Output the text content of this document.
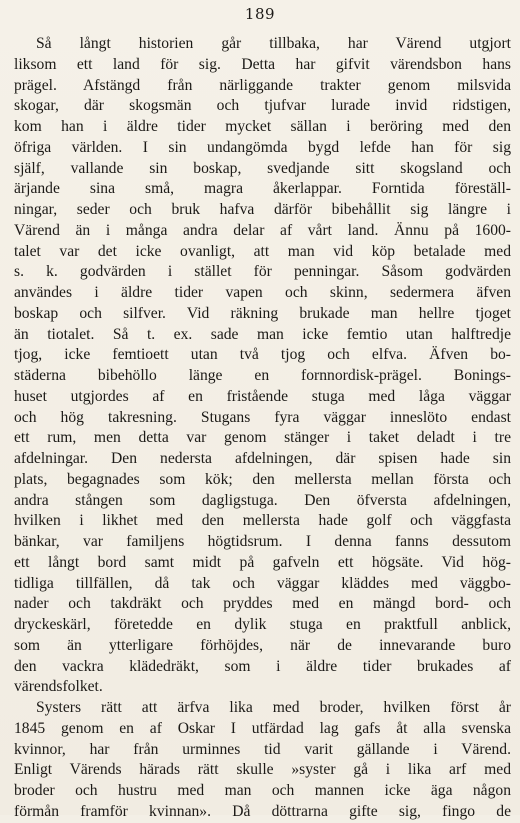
189
Så långt historien går tillbaka, har Värend utgjort
liksom ett land för sig. Detta har gifvit värendsbon hans
prägel. Afstängd från närliggande trakter genom milsvida
skogar, där skogsmän och tjufvar lurade invid ridstigen,
kom han i äldre tider mycket sällan i beröring med den
öfriga världen. I sin undangömda bygd lefde han för sig
själf, vallande sin boskap, svedjande sitt skogsland och
ärjande sina små, magra åkerlappar. Forntida föreställ-
ningar, seder och bruk hafva därför bibehållit sig längre i
Värend än i många andra delar af vårt land. Ännu på 1600-
talet var det icke ovanligt, att man vid köp betalade med
s. k. godvärden i stället för penningar. Såsom godvärden
användes i äldre tider vapen och skinn, sedermera äfven
boskap och silfver. Vid räkning brukade man hellre tjoget
än tiotalet. Så t. ex. sade man icke femtio utan halftredje
tjog, icke femtioett utan två tjog och elfva. Äfven bo-
städerna bibehöllo länge en fornnordisk-prägel. Bonings-
huset utgjordes af en fristående stuga med låga väggar
och hög takresning. Stugans fyra väggar inneslöto endast
ett rum, men detta var genom stänger i taket deladt i tre
afdelningar. Den nedersta afdelningen, där spisen hade sin
plats, begagnades som kök; den mellersta mellan första och
andra stången som dagligstuga. Den öfversta afdelningen,
hvilken i likhet med den mellersta hade golf och väggfasta
bänkar, var familjens högtidsrum. I denna fanns dessutom
ett långt bord samt midt på gafveln ett högsäte. Vid hög-
tidliga tillfällen, då tak och väggar kläddes med väggbo-
nader och takdräkt och pryddes med en mängd bord- och
dryckeskärl, företedde en dylik stuga en praktfull anblick,
som än ytterligare förhöjdes, när de innevarande buro
den vackra klädedräkt, som i äldre tider brukades af
värendsfolket.
Systers rätt att ärfva lika med broder, hvilken först år
1845 genom en af Oskar I utfärdad lag gafs åt alla svenska
kvinnor, har från urminnes tid varit gällande i Värend.
Enligt Värends härads rätt skulle »syster gå i lika arf med
broder och hustru med man och mannen icke äga någon
förmån framför kvinnan». Då döttrarna gifte sig, fingo de
